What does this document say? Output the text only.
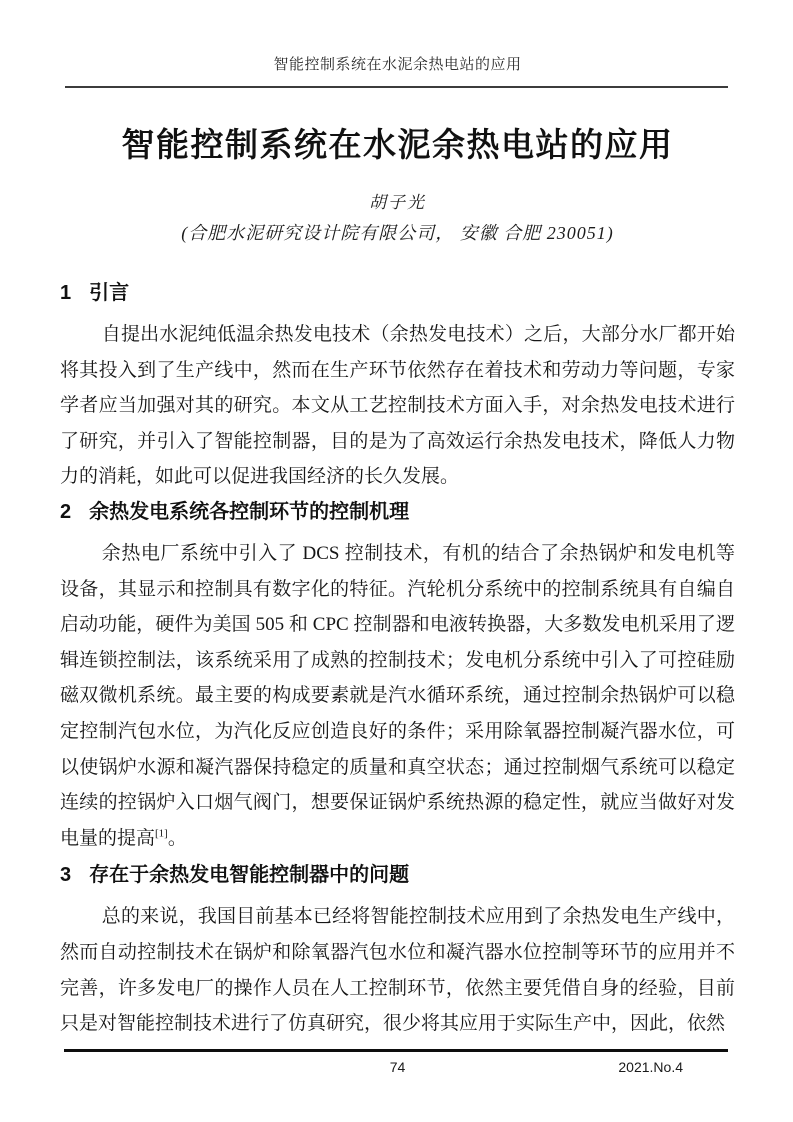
智能控制系统在水泥余热电站的应用
智能控制系统在水泥余热电站的应用
胡子光
(合肥水泥研究设计院有限公司， 安徽 合肥 230051)
1 引言

自提出水泥纯低温余热发电技术（余热发电技术）之后，大部分水厂都开始将其投入到了生产线中，然而在生产环节依然存在着技术和劳动力等问题，专家学者应当加强对其的研究。本文从工艺控制技术方面入手，对余热发电技术进行了研究，并引入了智能控制器，目的是为了高效运行余热发电技术，降低人力物力的消耗，如此可以促进我国经济的长久发展。

2 余热发电系统各控制环节的控制机理

余热电厂系统中引入了 DCS 控制技术，有机的结合了余热锅炉和发电机等设备，其显示和控制具有数字化的特征。汽轮机分系统中的控制系统具有自编自启动功能，硬件为美国 505 和 CPC 控制器和电液转换器，大多数发电机采用了逻辑连锁控制法，该系统采用了成熟的控制技术；发电机分系统中引入了可控硅励磁双微机系统。最主要的构成要素就是汽水循环系统，通过控制余热锅炉可以稳定控制汽包水位，为汽化反应创造良好的条件；采用除氧器控制凝汽器水位，可以使锅炉水源和凝汽器保持稳定的质量和真空状态；通过控制烟气系统可以稳定连续的控锅炉入口烟气阀门，想要保证锅炉系统热源的稳定性，就应当做好对发电量的提高[1]。

3 存在于余热发电智能控制器中的问题

总的来说，我国目前基本已经将智能控制技术应用到了余热发电生产线中，然而自动控制技术在锅炉和除氧器汽包水位和凝汽器水位控制等环节的应用并不完善，许多发电厂的操作人员在人工控制环节，依然主要凭借自身的经验，目前只是对智能控制技术进行了仿真研究，很少将其应用于实际生产中，因此，依然

74	2021.No.4
